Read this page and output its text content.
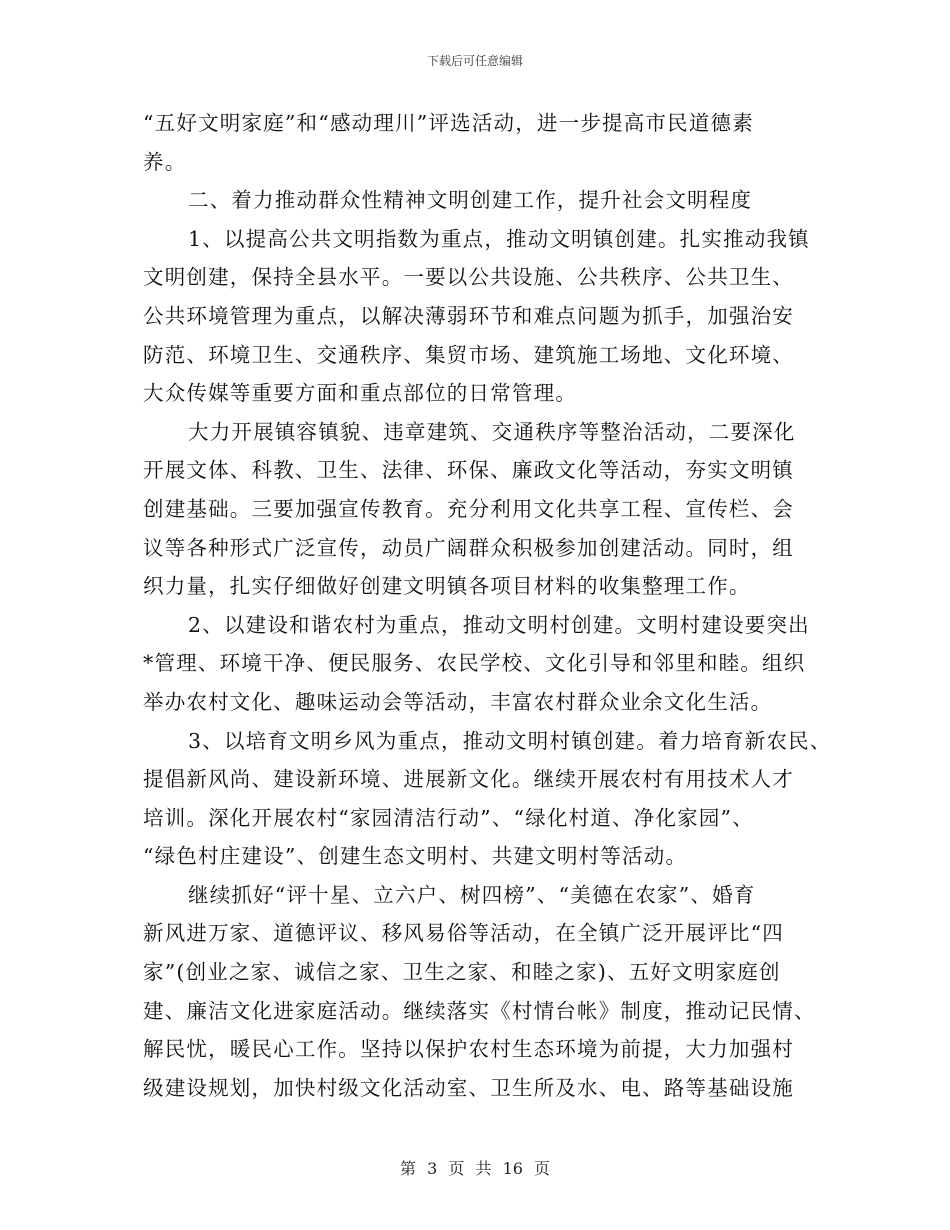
下载后可任意编辑
“五好文明家庭”和“感动理川”评选活动，进一步提高市民道德素
养。
二、着力推动群众性精神文明创建工作，提升社会文明程度
1、以提高公共文明指数为重点，推动文明镇创建。扎实推动我镇
文明创建，保持全县水平。一要以公共设施、公共秩序、公共卫生、
公共环境管理为重点，以解决薄弱环节和难点问题为抓手，加强治安
防范、环境卫生、交通秩序、集贸市场、建筑施工场地、文化环境、
大众传媒等重要方面和重点部位的日常管理。
大力开展镇容镇貌、违章建筑、交通秩序等整治活动，二要深化
开展文体、科教、卫生、法律、环保、廉政文化等活动，夯实文明镇
创建基础。三要加强宣传教育。充分利用文化共享工程、宣传栏、会
议等各种形式广泛宣传，动员广阔群众积极参加创建活动。同时，组
织力量，扎实仔细做好创建文明镇各项目材料的收集整理工作。
2、以建设和谐农村为重点，推动文明村创建。文明村建设要突出
*管理、环境干净、便民服务、农民学校、文化引导和邻里和睦。组织
举办农村文化、趣味运动会等活动，丰富农村群众业余文化生活。
3、以培育文明乡风为重点，推动文明村镇创建。着力培育新农民、
提倡新风尚、建设新环境、进展新文化。继续开展农村有用技术人才
培训。深化开展农村“家园清洁行动”、“绿化村道、净化家园”、
“绿色村庄建设”、创建生态文明村、共建文明村等活动。
继续抓好“评十星、立六户、树四榜”、“美德在农家”、婚育
新风进万家、道德评议、移风易俗等活动，在全镇广泛开展评比“四
家”(创业之家、诚信之家、卫生之家、和睦之家)、五好文明家庭创
建、廉洁文化进家庭活动。继续落实《村情台帐》制度，推动记民情、
解民忧，暖民心工作。坚持以保护农村生态环境为前提，大力加强村
级建设规划，加快村级文化活动室、卫生所及水、电、路等基础设施
第 3 页 共 16 页
